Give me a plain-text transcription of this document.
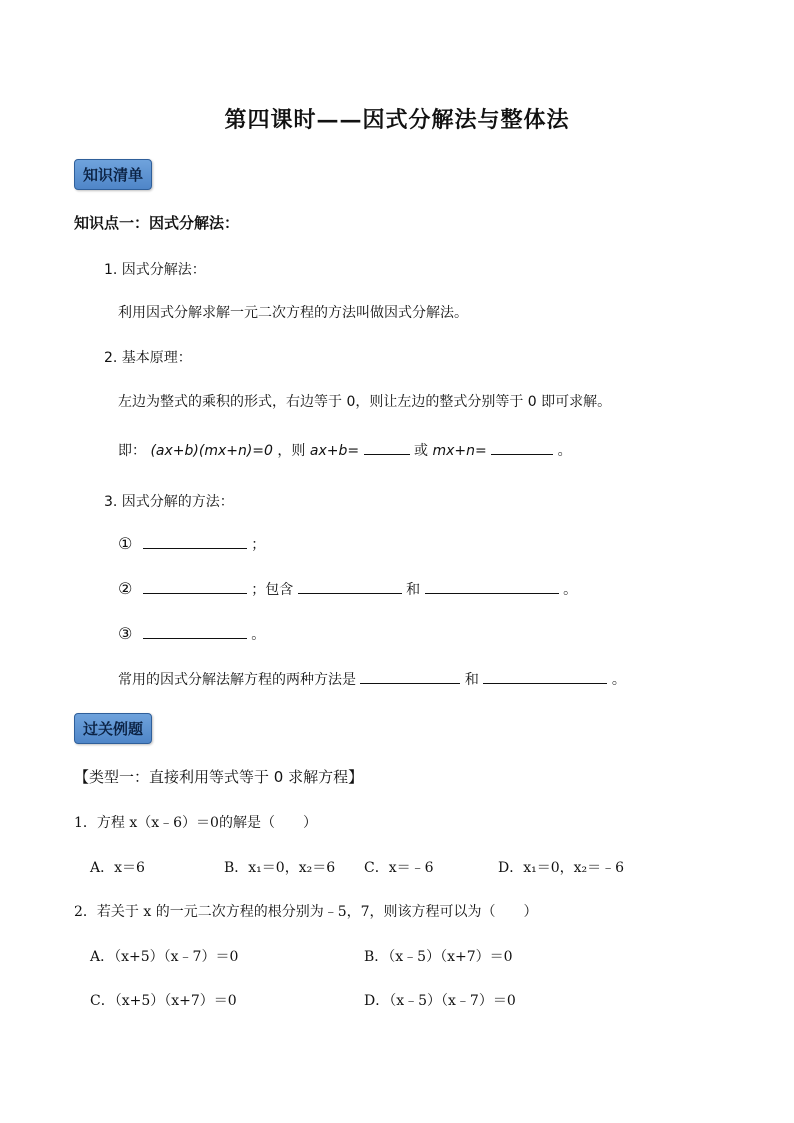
第四课时——因式分解法与整体法
知识清单
知识点一：因式分解法：
1. 因式分解法：
利用因式分解求解一元二次方程的方法叫做因式分解法。
2. 基本原理：
左边为整式的乘积的形式，右边等于 0，则让左边的整式分别等于 0 即可求解。
即： (ax+b)(mx+n)=0 ，则 ax+b=	或 mx+n=	。
3. 因式分解的方法：
①	；
②	；包含	和	。
③	。
常用的因式分解法解方程的两种方法是	和	。
过关例题
【类型一：直接利用等式等于 0 求解方程】
1．方程 x（x﹣6）＝0的解是（　　）
A．x＝6	B．x₁＝0，x₂＝6 C．x＝﹣6	D．x₁＝0，x₂＝﹣6
2．若关于 x 的一元二次方程的根分别为﹣5，7，则该方程可以为（　　）
A．（x+5）（x﹣7）＝0	B．（x﹣5）（x+7）＝0
C．（x+5）（x+7）＝0	D．（x﹣5）（x﹣7）＝0
